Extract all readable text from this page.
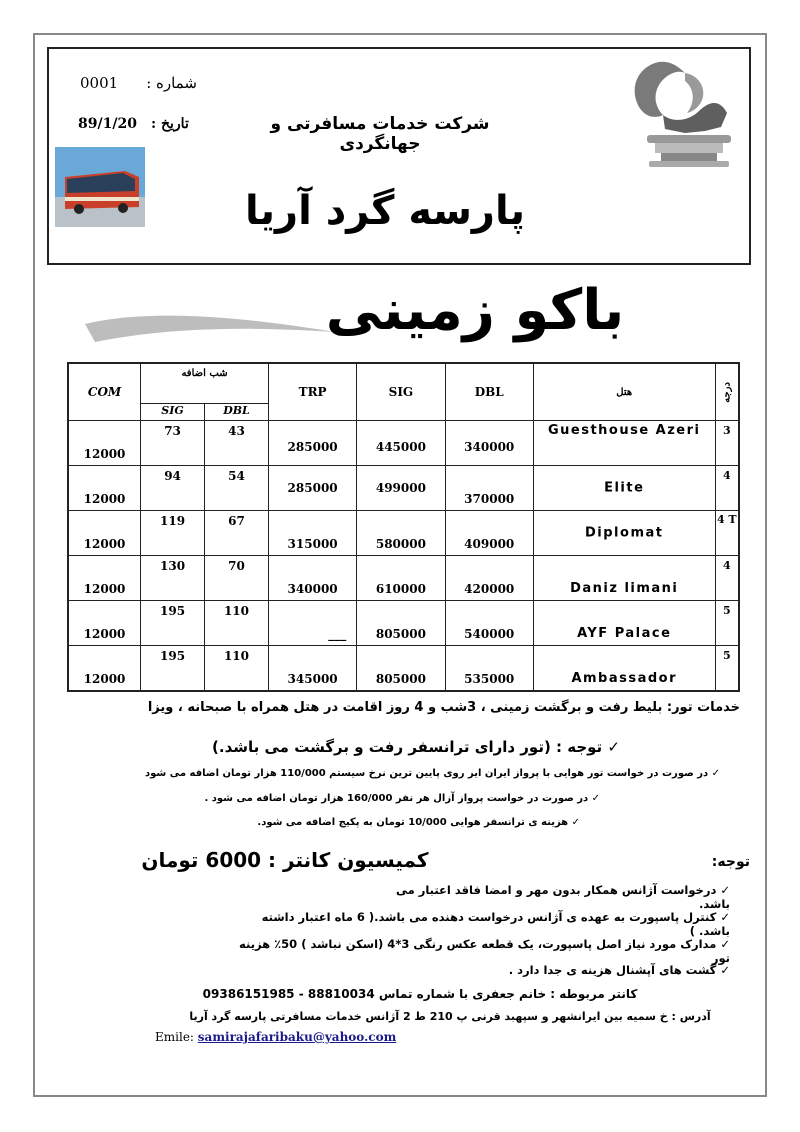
0001 شماره :
89/1/20 تاریخ :	شرکت خدمات مسافرتی و جهانگردی
پارسه گرد آریا
باکو زمینی
COM	شب اضافه
SIG DBL		TRP	SIG	DBL	هتل	درجه

12000	73	43	285000	445000	340000	Guesthouse Azeri	3

12000	94	54	285000	499000	370000	Elite	4

12000	119	67	315000	580000	409000	Diplomat	4 T

12000	130	70	340000	610000	420000	Daniz limani	4

12000	195	110	___	805000	540000	AYF Palace	5

12000	195	110	345000	805000	535000	Ambassador	5
خدمات تور: بلیط رفت و برگشت زمینی ، 3شب و 4 روز اقامت در هتل همراه با صبحانه ، ویزا
✓ توجه : (تور دارای ترانسفر رفت و برگشت می باشد.)
✓ در صورت در خواست تور هوایی با پرواز ایران ایر روی پایین ترین نرخ سیستم 110/000 هزار تومان اضافه می شود
✓ در صورت در خواست پرواز آزال هر نفر 160/000 هزار تومان اضافه می شود .
✓ هزینه ی ترانسفر هوایی 10/000 تومان به پکیج اضافه می شود.
توجه:
کمیسیون کانتر : 6000 تومان
✓ درخواست آژانس همکار بدون مهر و امضا فاقد اعتبار می باشد.
✓ کنترل پاسپورت به عهده ی آژانس درخواست دهنده می باشد.( 6 ماه اعتبار داشته باشد. )
✓ مدارک مورد نیاز اصل پاسپورت، یک قطعه عکس رنگی 3*4 (اسکن نباشد ) 50٪ هزینه تور
✓ گشت های آپشنال هزینه ی جدا دارد .
کانتر مربوطه : خانم جعفری با شماره تماس 88810034 - 09386151985
آدرس : خ سمیه بین ایرانشهر و سپهبد قرنی پ 210 ط 2 آژانس خدمات مسافرتی پارسه گرد آریا
Emile: samirajafaribaku@yahoo.com
